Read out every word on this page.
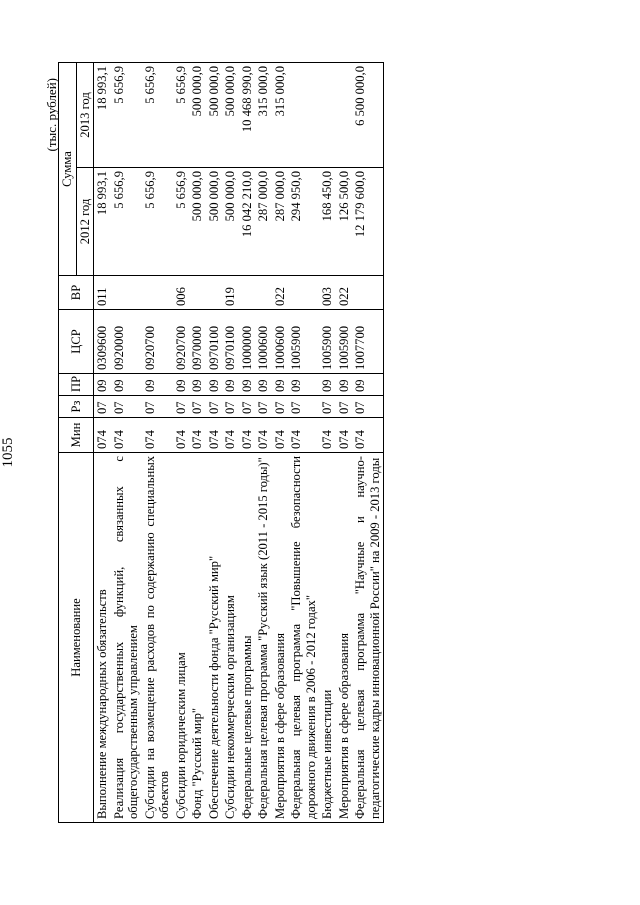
1055
(тыс. рублей)
Наименование	Мин	Рз	ПР	ЦСР	ВР	Сумма	
						2012 год	2013 год
Выполнение международных обязательств	074	07	09	0309600	011	18 993,1	18 993,1
Реализация государственных функций, связанных с общегосударственным управлением	074	07	09	0920000		5 656,9	5 656,9
Субсидии на возмещение расходов по содержанию специальных объектов	074	07	09	0920700		5 656,9	5 656,9
Субсидии юридическим лицам	074	07	09	0920700	006	5 656,9	5 656,9
Фонд "Русский мир"	074	07	09	0970000		500 000,0	500 000,0
Обеспечение деятельности фонда "Русский мир"	074	07	09	0970100		500 000,0	500 000,0
Субсидии некоммерческим организациям	074	07	09	0970100	019	500 000,0	500 000,0
Федеральные целевые программы	074	07	09	1000000		16 042 210,0	10 468 990,0
Федеральная целевая программа "Русский язык (2011 - 2015 годы)"	074	07	09	1000600		287 000,0	315 000,0
Мероприятия в сфере образования	074	07	09	1000600	022	287 000,0	315 000,0
Федеральная целевая программа "Повышение безопасности дорожного движения в 2006 - 2012 годах"	074	07	09	1005900		294 950,0	
Бюджетные инвестиции	074	07	09	1005900	003	168 450,0	
Мероприятия в сфере образования	074	07	09	1005900	022	126 500,0	
Федеральная целевая программа "Научные и научно-педагогические кадры инновационной России" на 2009 - 2013 годы	074	07	09	1007700		12 179 600,0	6 500 000,0
